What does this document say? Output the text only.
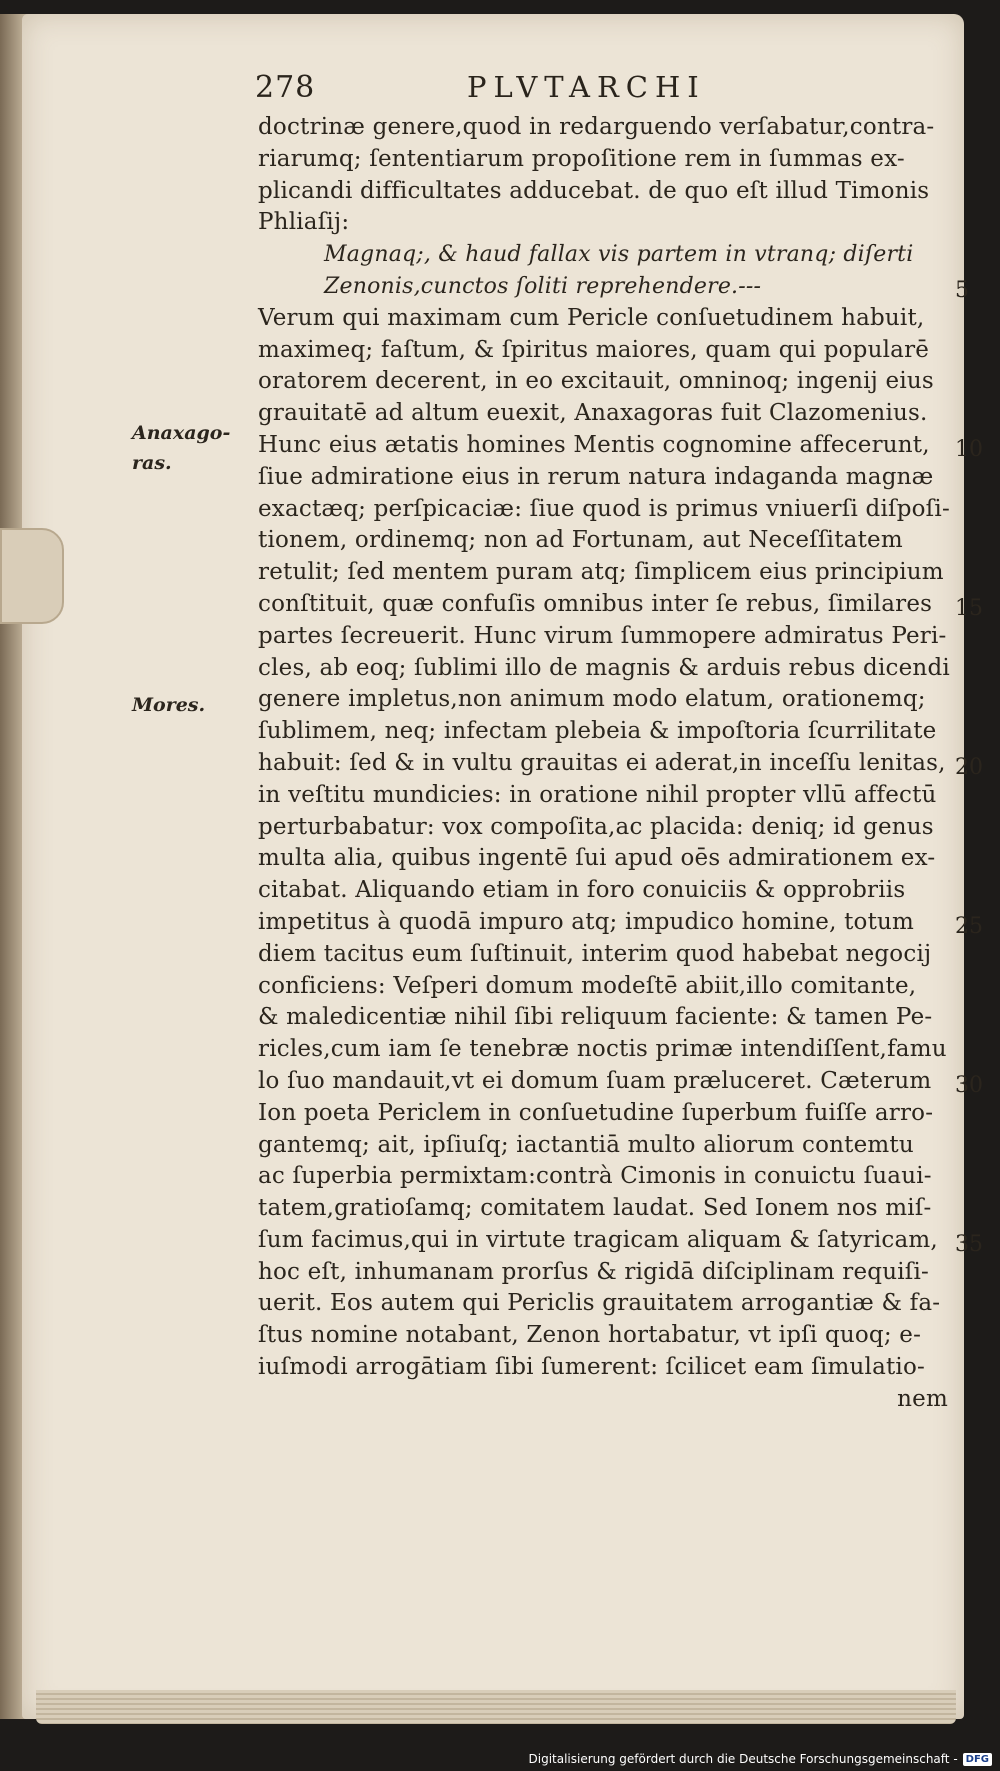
278	PLVTARCHI
doctrinæ genere,quod in redarguendo verſabatur,contra-
riarumq; ſententiarum propoſitione rem in ſummas ex-
plicandi difficultates adducebat. de quo eſt illud Timonis
Phliaſij:
Magnaq;, & haud fallax vis partem in vtranq; diſerti
Zenonis,cunctos ſoliti reprehendere.---
Verum qui maximam cum Pericle conſuetudinem habuit,
maximeq; faſtum, & ſpiritus maiores, quam qui popularē
oratorem decerent, in eo excitauit, omninoq; ingenij eius
grauitatē ad altum euexit, Anaxagoras fuit Clazomenius.
Hunc eius ætatis homines Mentis cognomine affecerunt,
ſiue admiratione eius in rerum natura indaganda magnæ
exactæq; perſpicaciæ: ſiue quod is primus vniuerſi diſpoſi-
tionem, ordinemq; non ad Fortunam, aut Neceſſitatem
retulit; ſed mentem puram atq; ſimplicem eius principium
conſtituit, quæ confuſis omnibus inter ſe rebus, ſimilares
partes ſecreuerit. Hunc virum ſummopere admiratus Peri-
cles, ab eoq; ſublimi illo de magnis & arduis rebus dicendi
genere impletus,non animum modo elatum, orationemq;
ſublimem, neq; infectam plebeia & impoſtoria ſcurrilitate
habuit: ſed & in vultu grauitas ei aderat,in inceſſu lenitas,
in veſtitu mundicies: in oratione nihil propter vllū affectū
perturbabatur: vox compoſita,ac placida: deniq; id genus
multa alia, quibus ingentē ſui apud oēs admirationem ex-
citabat. Aliquando etiam in foro conuiciis & opprobriis
impetitus à quodā impuro atq; impudico homine, totum
diem tacitus eum ſuſtinuit, interim quod habebat negocij
conficiens: Veſperi domum modeſtē abiit,illo comitante,
& maledicentiæ nihil ſibi reliquum faciente: & tamen Pe-
ricles,cum iam ſe tenebræ noctis primæ intendiſſent,famu
lo ſuo mandauit,vt ei domum ſuam præluceret. Cæterum
Ion poeta Periclem in conſuetudine ſuperbum fuiſſe arro-
gantemq; ait, ipſiuſq; iactantiā multo aliorum contemtu
ac ſuperbia permixtam:contrà Cimonis in conuictu ſuaui-
tatem,gratioſamq; comitatem laudat. Sed Ionem nos miſ-
ſum facimus,qui in virtute tragicam aliquam & ſatyricam,
hoc eſt, inhumanam prorſus & rigidā diſciplinam requiſi-
uerit. Eos autem qui Periclis grauitatem arrogantiæ & fa-
ſtus nomine notabant, Zenon hortabatur, vt ipſi quoq; e-
iuſmodi arrogātiam ſibi ſumerent: ſcilicet eam ſimulatio-
nem
5
10
15
20
25
30
35
Anaxago-
ras.
Mores.
Digitalisierung gefördert durch die Deutsche Forschungsgemeinschaft - DFG
